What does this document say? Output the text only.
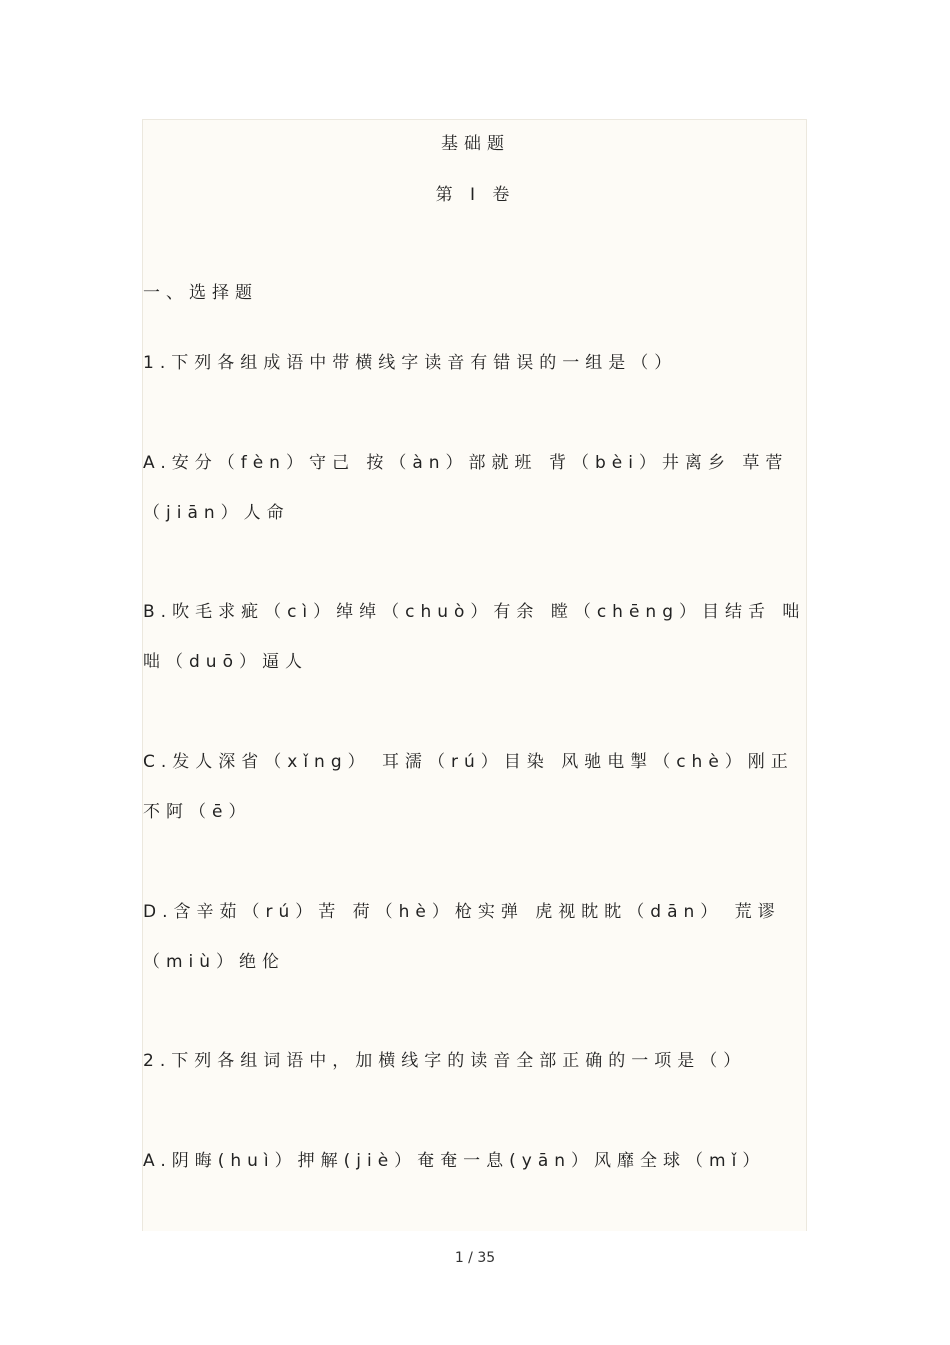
基础题
第 Ⅰ 卷
一、选择题
1.下列各组成语中带横线字读音有错误的一组是（）
A.安分（fèn）守己 按（àn）部就班 背（bèi）井离乡 草菅
（jiān）人命
B.吹毛求疵（cì）绰绰（chuò）有余 瞠（chēng）目结舌 咄
咄（duō）逼人
C.发人深省（xǐng） 耳濡（rú）目染 风驰电掣（chè）刚正
不阿（ē）
D.含辛茹（rú）苦 荷（hè）枪实弹 虎视眈眈（dān） 荒谬
（miù）绝伦
2.下列各组词语中，加横线字的读音全部正确的一项是（）
A.阴晦(huì）押解(jiè）奄奄一息(yān）风靡全球（mǐ）
1 / 35
